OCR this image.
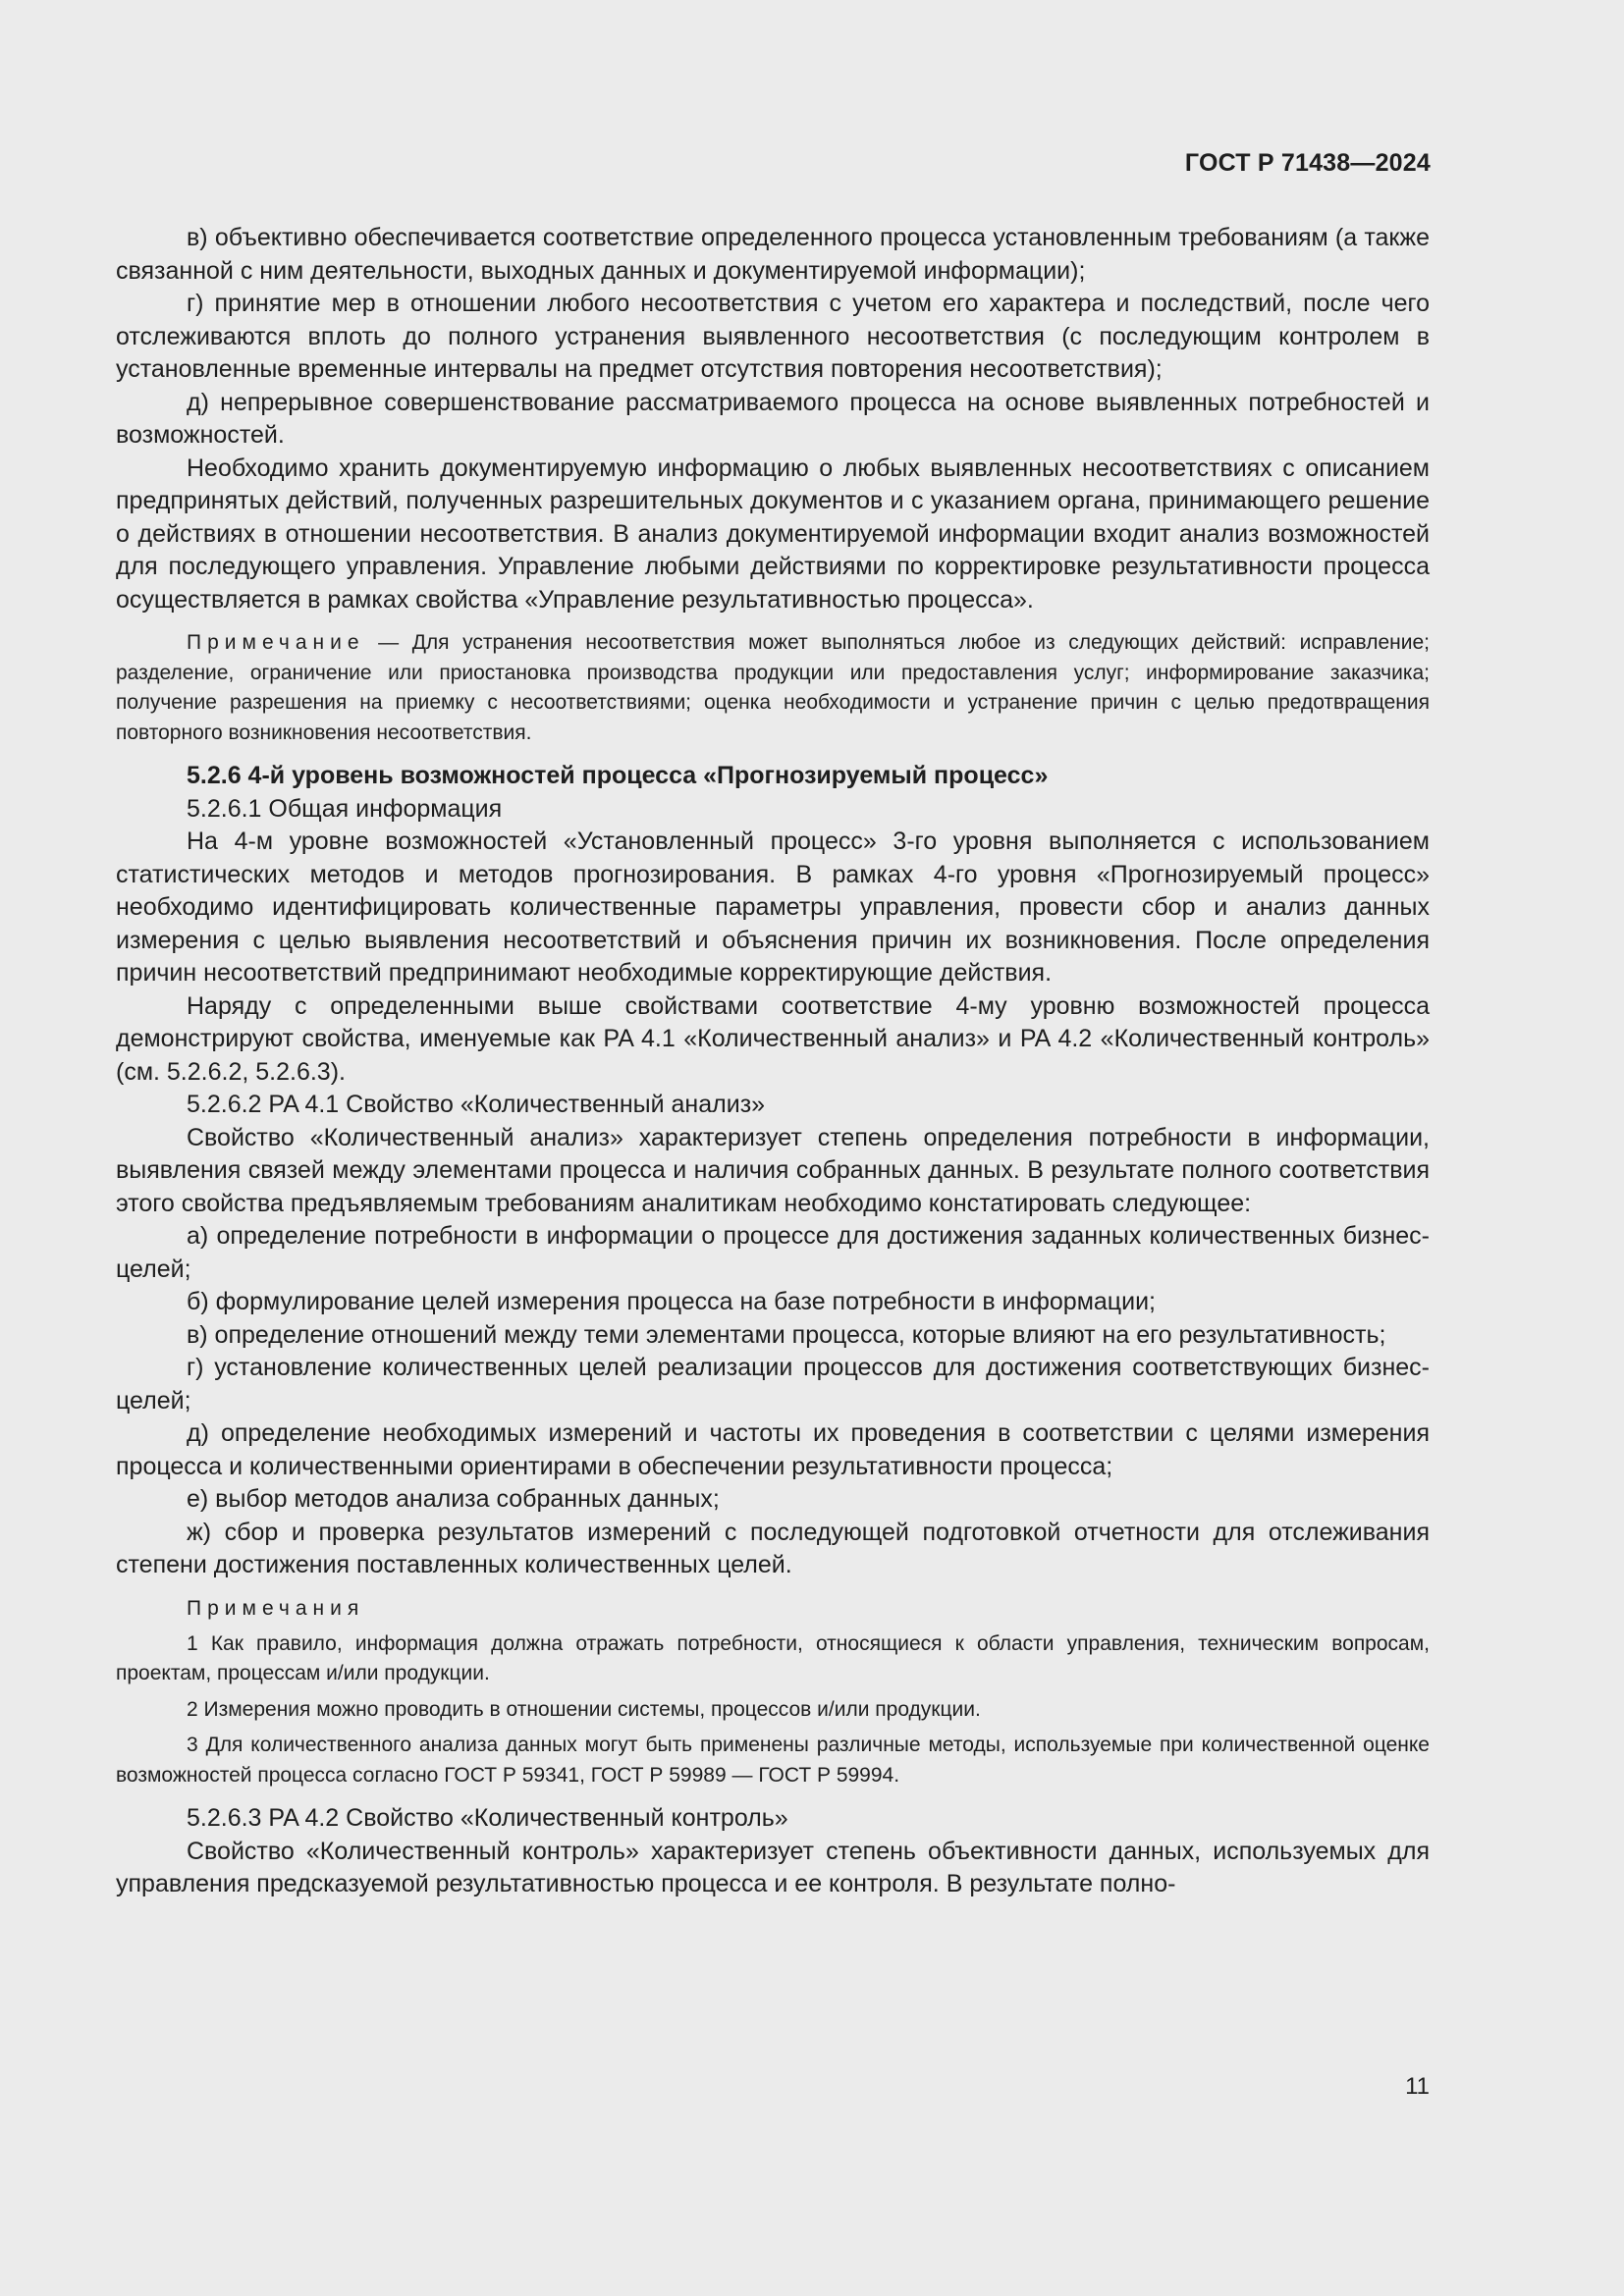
ГОСТ Р 71438—2024

в) объективно обеспечивается соответствие определенного процесса установленным требованиям (а также связанной с ним деятельности, выходных данных и документируемой информации);

г) принятие мер в отношении любого несоответствия с учетом его характера и последствий, после чего отслеживаются вплоть до полного устранения выявленного несоответствия (с последующим контролем в установленные временные интервалы на предмет отсутствия повторения несоответствия);

д) непрерывное совершенствование рассматриваемого процесса на основе выявленных потребностей и возможностей.

Необходимо хранить документируемую информацию о любых выявленных несоответствиях с описанием предпринятых действий, полученных разрешительных документов и с указанием органа, принимающего решение о действиях в отношении несоответствия. В анализ документируемой информации входит анализ возможностей для последующего управления. Управление любыми действиями по корректировке результативности процесса осуществляется в рамках свойства «Управление результативностью процесса».

Примечание — Для устранения несоответствия может выполняться любое из следующих действий: исправление; разделение, ограничение или приостановка производства продукции или предоставления услуг; информирование заказчика; получение разрешения на приемку с несоответствиями; оценка необходимости и устранение причин с целью предотвращения повторного возникновения несоответствия.

5.2.6 4-й уровень возможностей процесса «Прогнозируемый процесс»

5.2.6.1 Общая информация

На 4-м уровне возможностей «Установленный процесс» 3-го уровня выполняется с использованием статистических методов и методов прогнозирования. В рамках 4-го уровня «Прогнозируемый процесс» необходимо идентифицировать количественные параметры управления, провести сбор и анализ данных измерения с целью выявления несоответствий и объяснения причин их возникновения. После определения причин несоответствий предпринимают необходимые корректирующие действия.

Наряду с определенными выше свойствами соответствие 4-му уровню возможностей процесса демонстрируют свойства, именуемые как PA 4.1 «Количественный анализ» и PA 4.2 «Количественный контроль» (см. 5.2.6.2, 5.2.6.3).

5.2.6.2 PA 4.1 Свойство «Количественный анализ»

Свойство «Количественный анализ» характеризует степень определения потребности в информации, выявления связей между элементами процесса и наличия собранных данных. В результате полного соответствия этого свойства предъявляемым требованиям аналитикам необходимо констатировать следующее:

а) определение потребности в информации о процессе для достижения заданных количественных бизнес-целей;

б) формулирование целей измерения процесса на базе потребности в информации;

в) определение отношений между теми элементами процесса, которые влияют на его результативность;

г) установление количественных целей реализации процессов для достижения соответствующих бизнес-целей;

д) определение необходимых измерений и частоты их проведения в соответствии с целями измерения процесса и количественными ориентирами в обеспечении результативности процесса;

е) выбор методов анализа собранных данных;

ж) сбор и проверка результатов измерений с последующей подготовкой отчетности для отслеживания степени достижения поставленных количественных целей.

Примечания

1 Как правило, информация должна отражать потребности, относящиеся к области управления, техническим вопросам, проектам, процессам и/или продукции.

2 Измерения можно проводить в отношении системы, процессов и/или продукции.

3 Для количественного анализа данных могут быть применены различные методы, используемые при количественной оценке возможностей процесса согласно ГОСТ Р 59341, ГОСТ Р 59989 — ГОСТ Р 59994.

5.2.6.3 PA 4.2 Свойство «Количественный контроль»

Свойство «Количественный контроль» характеризует степень объективности данных, используемых для управления предсказуемой результативностью процесса и ее контроля. В результате полно-

11
